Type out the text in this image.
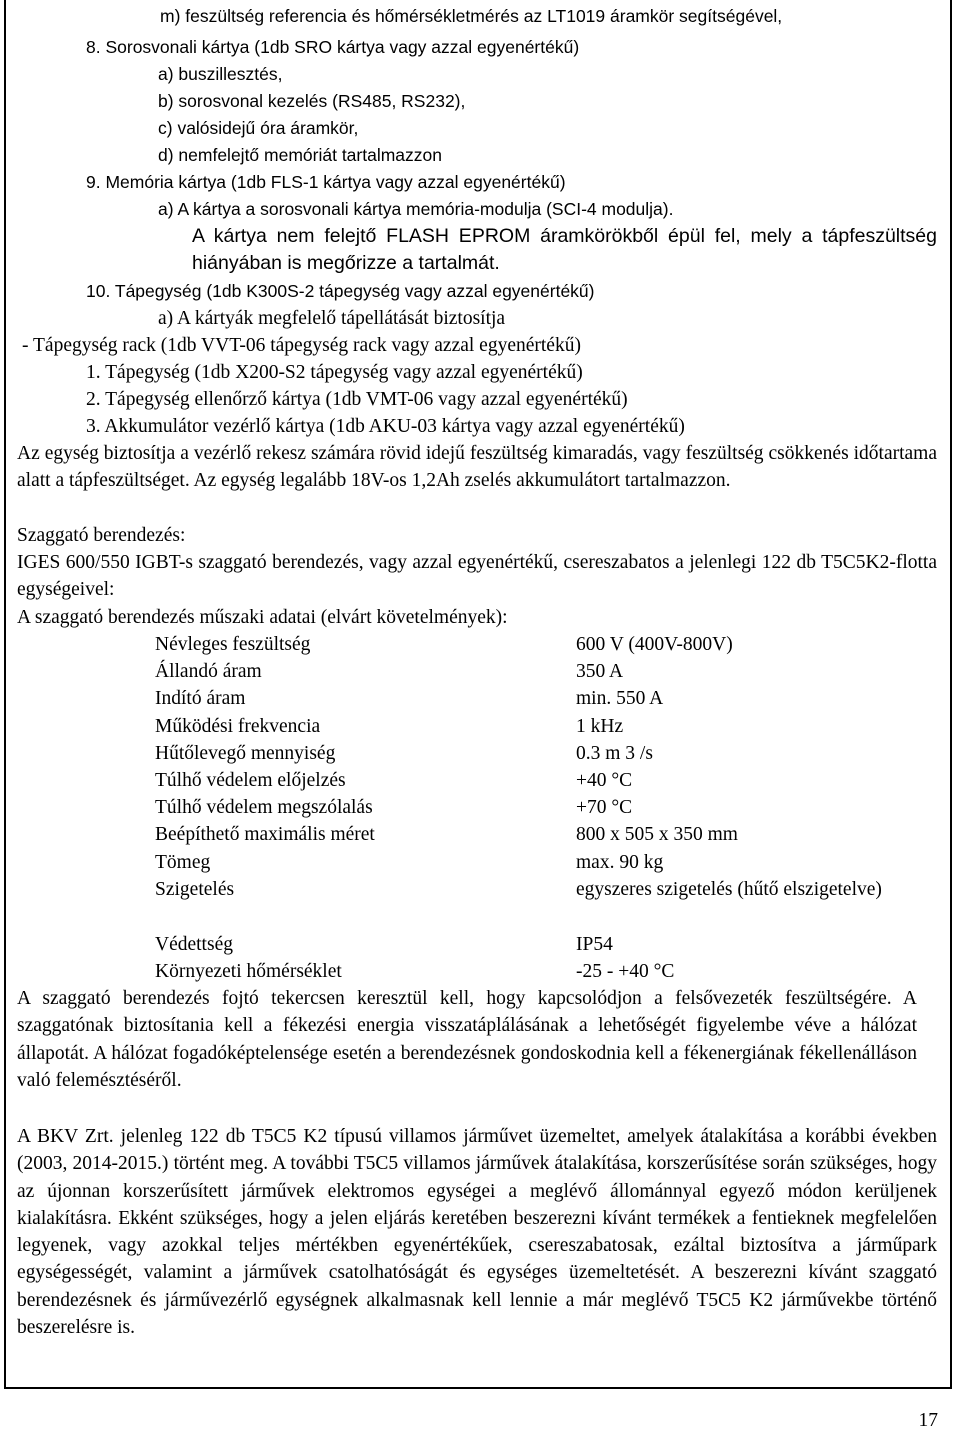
m) feszültség referencia és hőmérsékletmérés az LT1019 áramkör segítségével,
8. Sorosvonali kártya (1db SRO kártya vagy azzal egyenértékű)
a) buszillesztés,
b) sorosvonal kezelés (RS485, RS232),
c) valósidejű óra áramkör,
d) nemfelejtő memóriát tartalmazzon
9. Memória kártya (1db FLS-1 kártya vagy azzal egyenértékű)
a) A kártya a sorosvonali kártya memória-modulja (SCI-4 modulja).
A kártya nem felejtő FLASH EPROM áramkörökből épül fel, mely a tápfeszültség hiányában is megőrizze a tartalmát.
10. Tápegység (1db K300S-2 tápegység vagy azzal egyenértékű)
a) A kártyák megfelelő tápellátását biztosítja
- Tápegység rack (1db VVT-06 tápegység rack vagy azzal egyenértékű)
1. Tápegység (1db X200-S2 tápegység vagy azzal egyenértékű)
2. Tápegység ellenőrző kártya (1db VMT-06 vagy azzal egyenértékű)
3. Akkumulátor vezérlő kártya (1db AKU-03 kártya vagy azzal egyenértékű)
Az egység biztosítja a vezérlő rekesz számára rövid idejű feszültség kimaradás, vagy feszültség csökkenés időtartama alatt a tápfeszültséget. Az egység legalább 18V-os 1,2Ah zselés akkumulátort tartalmazzon.
Szaggató berendezés:
IGES 600/550 IGBT-s szaggató berendezés, vagy azzal egyenértékű, csereszabatos a jelenlegi 122 db T5C5K2-flotta egységeivel:
A szaggató berendezés műszaki adatai (elvárt követelmények):
Névleges feszültség	600 V (400V-800V)
Állandó áram	350 A
Indító áram	min. 550 A
Működési frekvencia	1 kHz
Hűtőlevegő mennyiség	0.3 m 3 /s
Túlhő védelem előjelzés	+40 °C
Túlhő védelem megszólalás	+70 °C
Beépíthető maximális méret	800 x 505 x 350 mm
Tömeg	max. 90 kg
Szigetelés	egyszeres szigetelés (hűtő elszigetelve)
Védettség	IP54
Környezeti hőmérséklet	-25 - +40 °C
A szaggató berendezés fojtó tekercsen keresztül kell, hogy kapcsolódjon a felsővezeték feszültségére. A szaggatónak biztosítania kell a fékezési energia visszatáplálásának a lehetőségét figyelembe véve a hálózat állapotát. A hálózat fogadóképtelensége esetén a berendezésnek gondoskodnia kell a fékenergiának fékellenálláson való felemésztéséről.
A BKV Zrt. jelenleg 122 db T5C5 K2 típusú villamos járművet üzemeltet, amelyek átalakítása a korábbi években (2003, 2014-2015.) történt meg. A további T5C5 villamos járművek átalakítása, korszerűsítése során szükséges, hogy az újonnan korszerűsített járművek elektromos egységei a meglévő állománnyal egyező módon kerüljenek kialakításra. Ekként szükséges, hogy a jelen eljárás keretében beszerezni kívánt termékek a fentieknek megfelelően legyenek, vagy azokkal teljes mértékben egyenértékűek, csereszabatosak, ezáltal biztosítva a járműpark egységességét, valamint a járművek csatolhatóságát és egységes üzemeltetését. A beszerezni kívánt szaggató berendezésnek és járművezérlő egységnek alkalmasnak kell lennie a már meglévő T5C5 K2 járművekbe történő beszerelésre is.
17
